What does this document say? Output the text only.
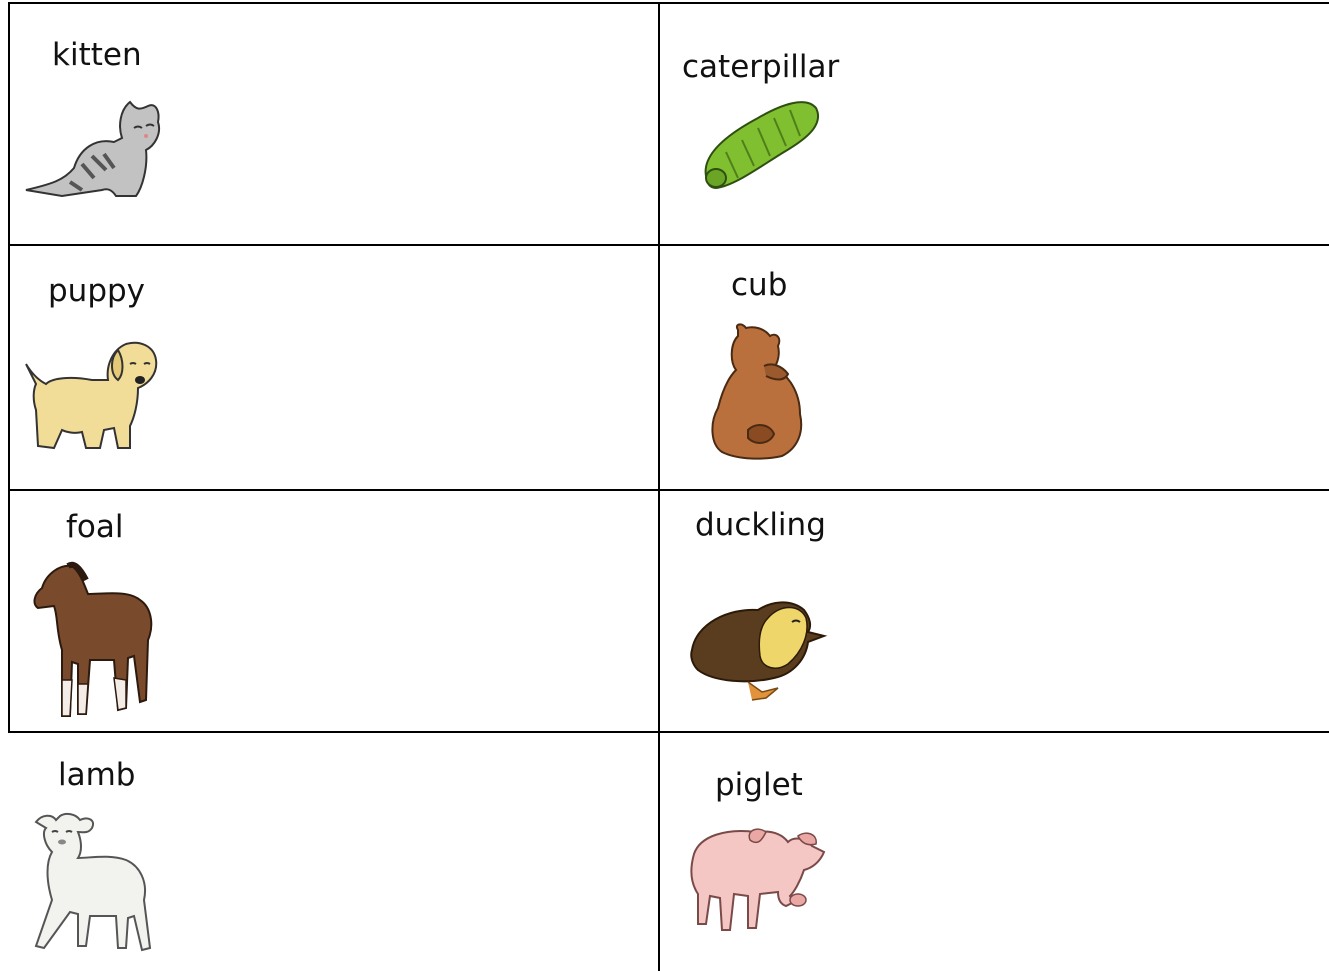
kitten	caterpillar
puppy	cub
foal	duckling
lamb	piglet
